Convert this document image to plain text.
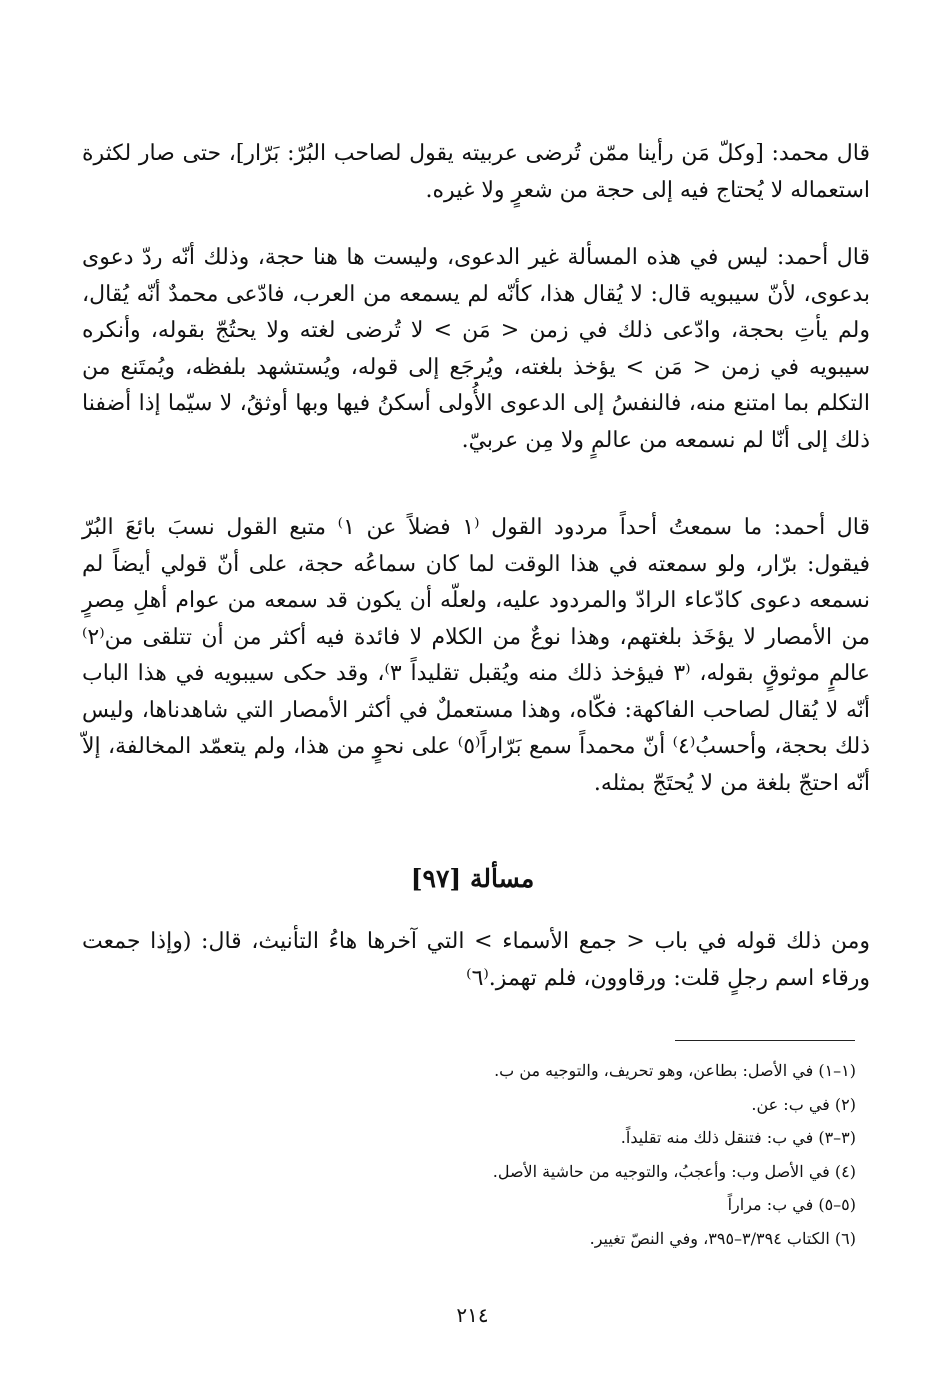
قال محمد: [وكلّ مَن رأينا ممّن تُرضى عربيته يقول لصاحب البُرّ: بَرّار]، حتى صار لكثرة استعماله لا يُحتاج فيه إلى حجة من شعرٍ ولا غيره.

قال أحمد: ليس في هذه المسألة غير الدعوى، وليست ها هنا حجة، وذلك أنّه ردّ دعوى بدعوى، لأنّ سيبويه قال: لا يُقال هذا، كأنّه لم يسمعه من العرب، فادّعى محمدٌ أنّه يُقال، ولم يأتِ بحجة، وادّعى ذلك في زمن < مَن > لا تُرضى لغته ولا يحتُجّ بقوله، وأنكره سيبويه في زمن < مَن > يؤخذ بلغته، ويُرجَع إلى قوله، ويُستشهد بلفظه، ويُمتَنع من التكلم بما امتنع منه، فالنفسُ إلى الدعوى الأُولى أسكنُ فيها وبها أوثقُ، لا سيّما إذا أضفنا ذلك إلى أنّا لم نسمعه من عالمٍ ولا مِن عربيّ.

قال أحمد: ما سمعتُ أحداً مردود القول ⁽١ فضلاً عن ١⁾ متبع القول نسبَ بائعَ البُرّ فيقول: برّار، ولو سمعته في هذا الوقت لما كان سماعُه حجة، على أنّ قولي أيضاً لم نسمعه دعوى كادّعاء الرادّ والمردود عليه، ولعلّه أن يكون قد سمعه من عوام أهلِ مِصرٍ من الأمصار لا يؤخَذ بلغتهم، وهذا نوعٌ من الكلام لا فائدة فيه أكثر من أن تتلقى من⁽٢⁾ عالمٍ موثوقٍ بقوله، ⁽٣ فيؤخذ ذلك منه ويُقبل تقليداً ٣⁾، وقد حكى سيبويه في هذا الباب أنّه لا يُقال لصاحب الفاكهة: فكّاه، وهذا مستعملٌ في أكثر الأمصار التي شاهدناها، وليس ذلك بحجة، وأحسبُ⁽٤⁾ أنّ محمداً سمع بَرّاراً⁽٥⁾ على نحوٍ من هذا، ولم يتعمّد المخالفة، إلاّ أنّه احتجّ بلغة من لا يُحتَجّ بمثله.

مسألة [٩٧]

ومن ذلك قوله في باب < جمع الأسماء > التي آخرها هاءُ التأنيث، قال: (وإذا جمعت ورقاء اسم رجلٍ قلت: ورقاوون، فلم تهمز.⁽٦⁾

(١–١) في الأصل: بطاعن، وهو تحريف، والتوجيه من ب.
(٢) في ب: عن.
(٣–٣) في ب: فتنقل ذلك منه تقليداً.
(٤) في الأصل وب: وأعجبُ، والتوجيه من حاشية الأصل.
(٥–٥) في ب: مراراً
(٦) الكتاب ٣/٣٩٤–٣٩٥، وفي النصّ تغيير.
٢١٤
